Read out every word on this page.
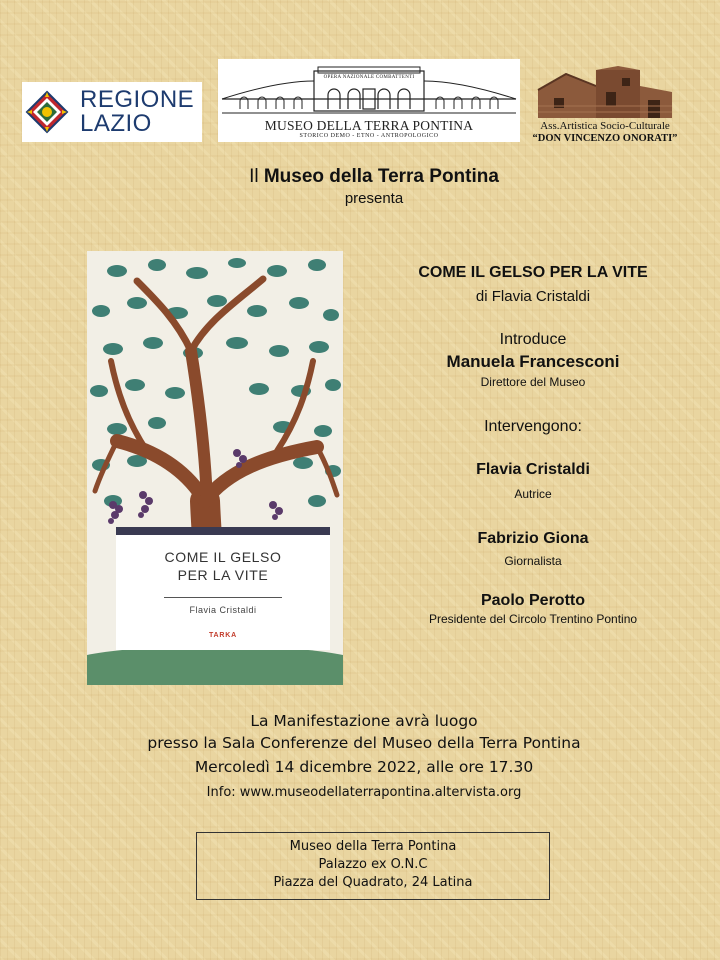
REGIONE
LAZIO
OPERA NAZIONALE COMBATTENTI
MUSEO DELLA TERRA PONTINA
STORICO DEMO - ETNO - ANTROPOLOGICO
Ass.Artistica Socio-Culturale
“DON VINCENZO ONORATI”
Il Museo della Terra Pontina
presenta
COME IL GELSO
PER LA VITE
Flavia Cristaldi
TARKA
COME IL GELSO PER LA VITE
di Flavia Cristaldi
Introduce
Manuela Francesconi
Direttore del Museo
Intervengono:
Flavia Cristaldi
Autrice
Fabrizio Giona
Giornalista
Paolo Perotto
Presidente del Circolo Trentino Pontino
La Manifestazione avrà luogo
presso la Sala Conferenze del Museo della Terra Pontina
Mercoledì 14 dicembre 2022, alle ore 17.30
Info: www.museodellaterrapontina.altervista.org
Museo della Terra Pontina
Palazzo ex O.N.C
Piazza del Quadrato, 24 Latina
